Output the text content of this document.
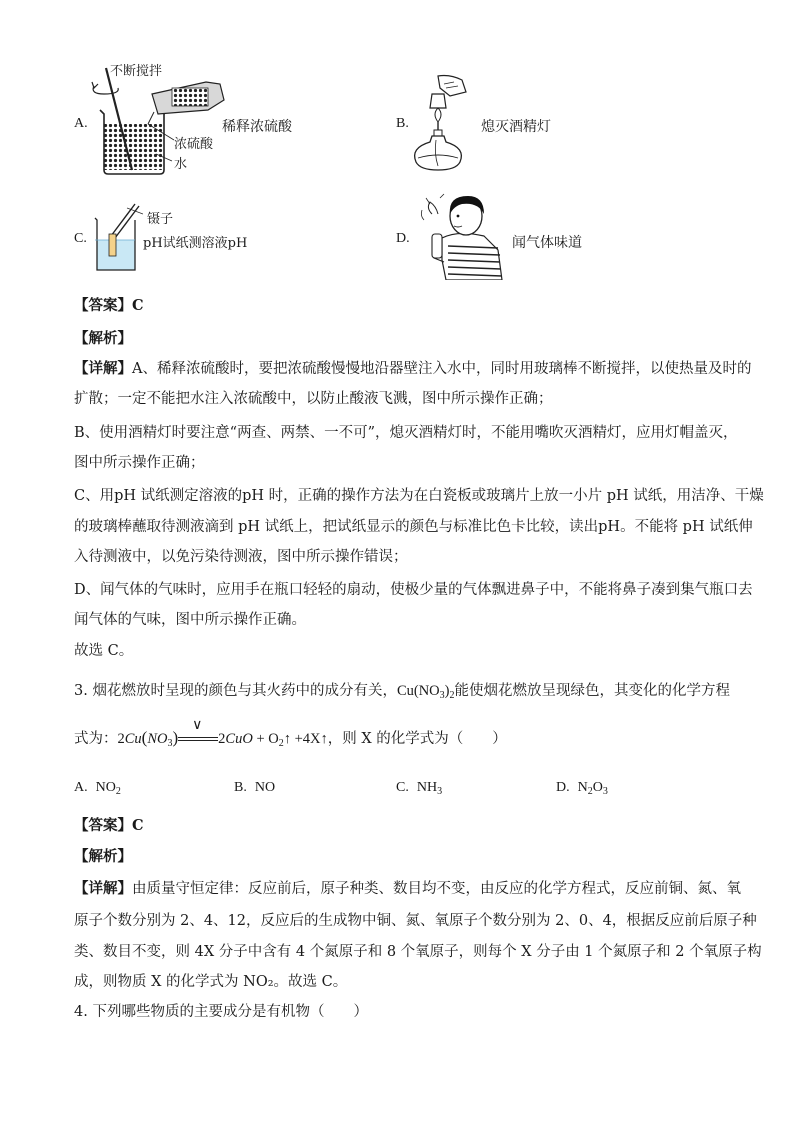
A.
不断搅拌
浓硫酸
水
稀释浓硫酸	B.	熄灭酒精灯
C.
镊子
pH试纸测溶液pH	D.	闻气体味道
【答案】C
【解析】
【详解】A、稀释浓硫酸时，要把浓硫酸慢慢地沿器壁注入水中，同时用玻璃棒不断搅拌，以使热量及时的
扩散；一定不能把水注入浓硫酸中，以防止酸液飞溅，图中所示操作正确；
B、使用酒精灯时要注意“两查、两禁、一不可”，熄灭酒精灯时，不能用嘴吹灭酒精灯，应用灯帽盖灭，
图中所示操作正确；
C、用pH 试纸测定溶液的pH 时，正确的操作方法为在白瓷板或玻璃片上放一小片 pH 试纸，用洁净、干燥
的玻璃棒蘸取待测液滴到 pH 试纸上，把试纸显示的颜色与标准比色卡比较，读出pH。不能将 pH 试纸伸
入待测液中，以免污染待测液，图中所示操作错误；
D、闻气体的气味时，应用手在瓶口轻轻的扇动，使极少量的气体飘进鼻子中，不能将鼻子凑到集气瓶口去
闻气体的气味，图中所示操作正确。
故选 C。
3. 烟花燃放时呈现的颜色与其火药中的成分有关，$Cu(NO_3)_2$能使烟花燃放呈现绿色，其变化的化学方程
式为：$2Cu(NO_3)$
∨
$2CuO + O_2↑$ +4X↑，则 X 的化学式为（　　）
A. $NO_2$	B. NO	C. $NH_3$	D. $N_2O_3$
【答案】C
【解析】
【详解】由质量守恒定律：反应前后，原子种类、数目均不变，由反应的化学方程式，反应前铜、氮、氧
原子个数分别为 2、4、12，反应后的生成物中铜、氮、氧原子个数分别为 2、0、4，根据反应前后原子种
类、数目不变，则 4X 分子中含有 4 个氮原子和 8 个氧原子，则每个 X 分子由 1 个氮原子和 2 个氧原子构
成，则物质 X 的化学式为 NO₂。故选 C。
4. 下列哪些物质的主要成分是有机物（　　）
